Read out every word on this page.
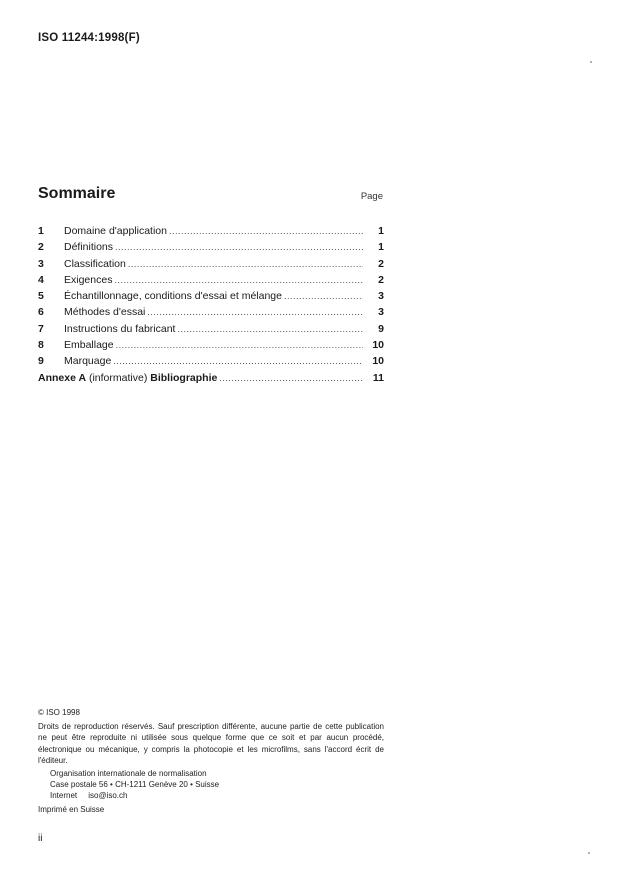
ISO 11244:1998(F)
Sommaire	Page
1	Domaine d'application .....	1
2	Définitions .....	1
3	Classification .....	2
4	Exigences .....	2
5	Échantillonnage, conditions d'essai et mélange .....	3
6	Méthodes d'essai .....	3
7	Instructions du fabricant .....	9
8	Emballage .....	10
9	Marquage .....	10
Annexe A (informative) Bibliographie .....	11
© ISO 1998
Droits de reproduction réservés. Sauf prescription différente, aucune partie de cette publication ne peut être reproduite ni utilisée sous quelque forme que ce soit et par aucun procédé, électronique ou mécanique, y compris la photocopie et les microfilms, sans l'accord écrit de l'éditeur.
Organisation internationale de normalisation
Case postale 56 • CH-1211 Genève 20 • Suisse
Internet iso@iso.ch
Imprimé en Suisse
ii
